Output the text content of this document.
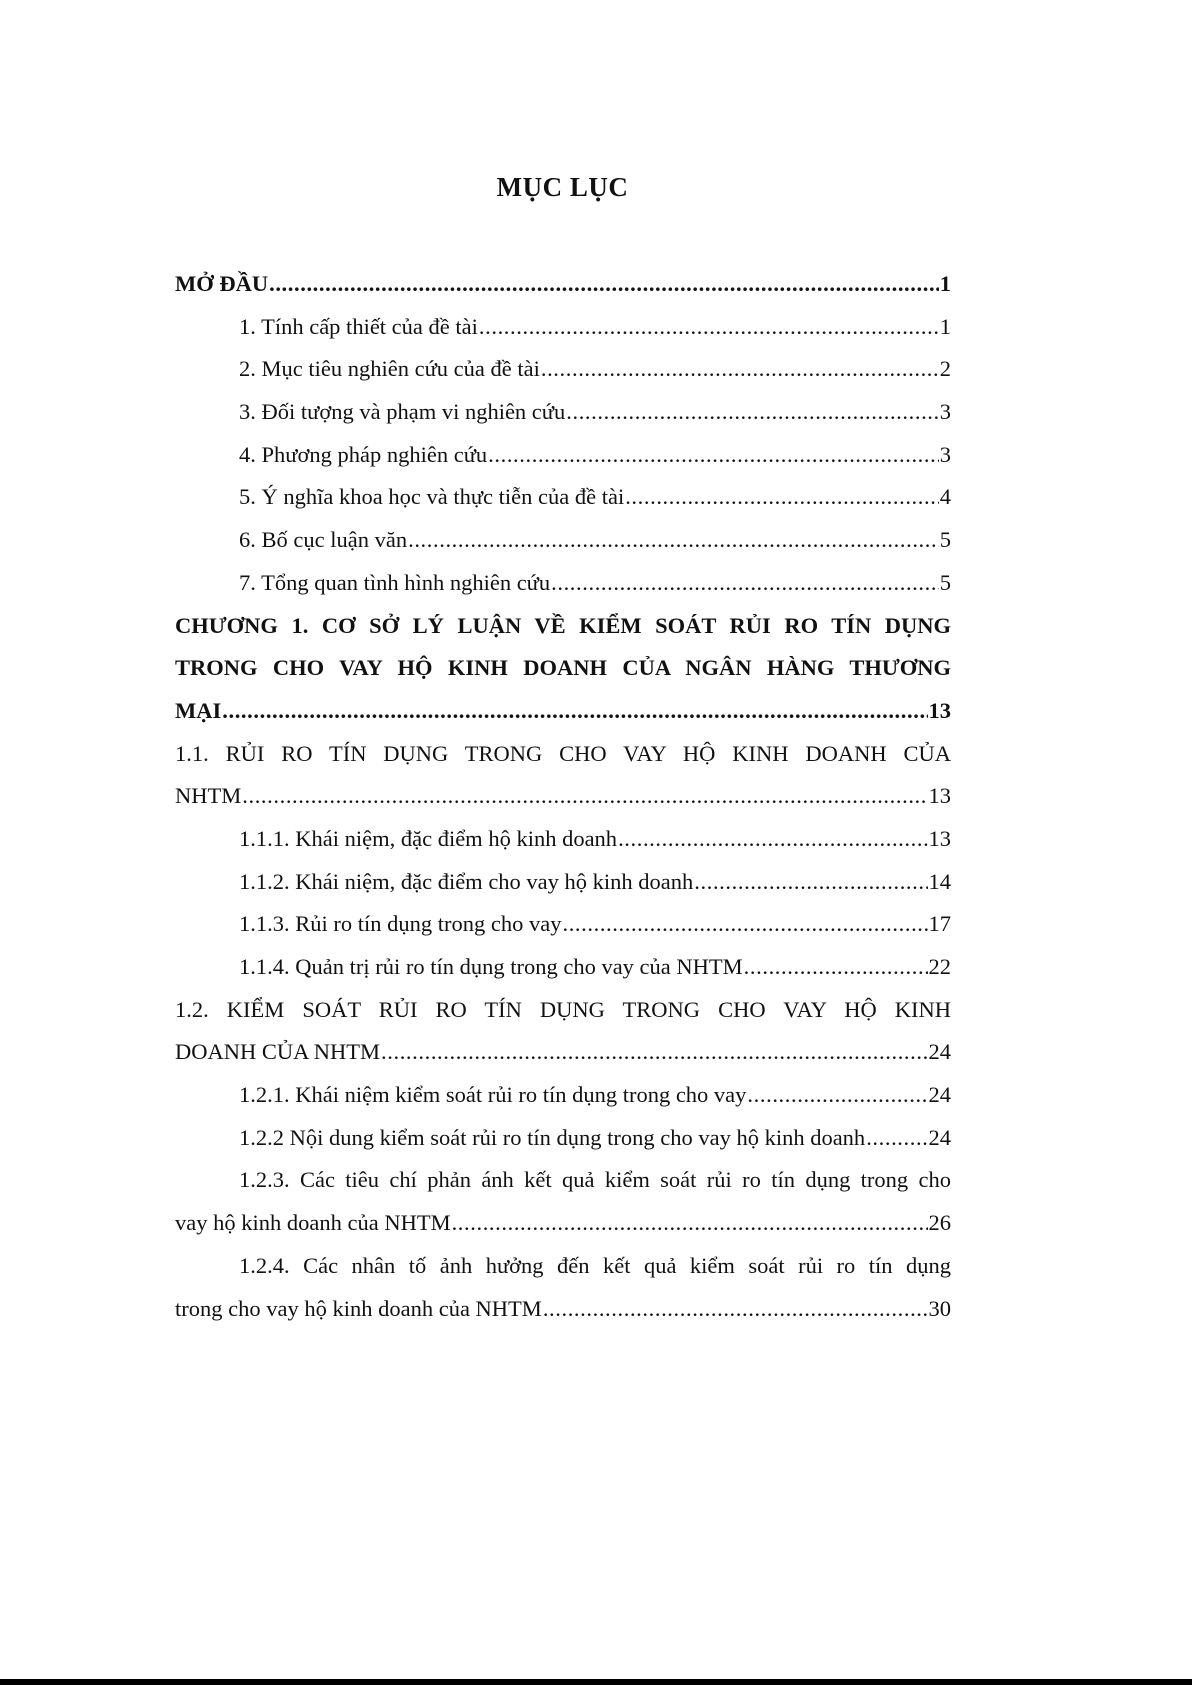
MỤC LỤC
MỞ ĐẦU .....	1
1. Tính cấp thiết của đề tài .....	1
2. Mục tiêu nghiên cứu của đề tài .....	2
3. Đối tượng và phạm vi nghiên cứu .....	3
4. Phương pháp nghiên cứu .....	3
5. Ý nghĩa khoa học và thực tiễn của đề tài .....	4
6. Bố cục luận văn .....	5
7. Tổng quan tình hình nghiên cứu .....	5
CHƯƠNG 1. CƠ SỞ LÝ LUẬN VỀ KIỂM SOÁT RỦI RO TÍN DỤNG
TRONG CHO VAY HỘ KINH DOANH CỦA NGÂN HÀNG THƯƠNG
MẠI .....	13
1.1. RỦI RO TÍN DỤNG TRONG CHO VAY HỘ KINH DOANH CỦA
NHTM .....	13
1.1.1. Khái niệm, đặc điểm hộ kinh doanh .....	13
1.1.2. Khái niệm, đặc điểm cho vay hộ kinh doanh .....	14
1.1.3. Rủi ro tín dụng trong cho vay .....	17
1.1.4. Quản trị rủi ro tín dụng trong cho vay của NHTM .....	22
1.2. KIỂM SOÁT RỦI RO TÍN DỤNG TRONG CHO VAY HỘ KINH
DOANH CỦA NHTM .....	24
1.2.1. Khái niệm kiểm soát rủi ro tín dụng trong cho vay .....	24
1.2.2 Nội dung kiểm soát rủi ro tín dụng trong cho vay hộ kinh doanh .....	24
1.2.3. Các tiêu chí phản ánh kết quả kiểm soát rủi ro tín dụng trong cho
vay hộ kinh doanh của NHTM .....	26
1.2.4. Các nhân tố ảnh hưởng đến kết quả kiểm soát rủi ro tín dụng
trong cho vay hộ kinh doanh của NHTM .....	30
